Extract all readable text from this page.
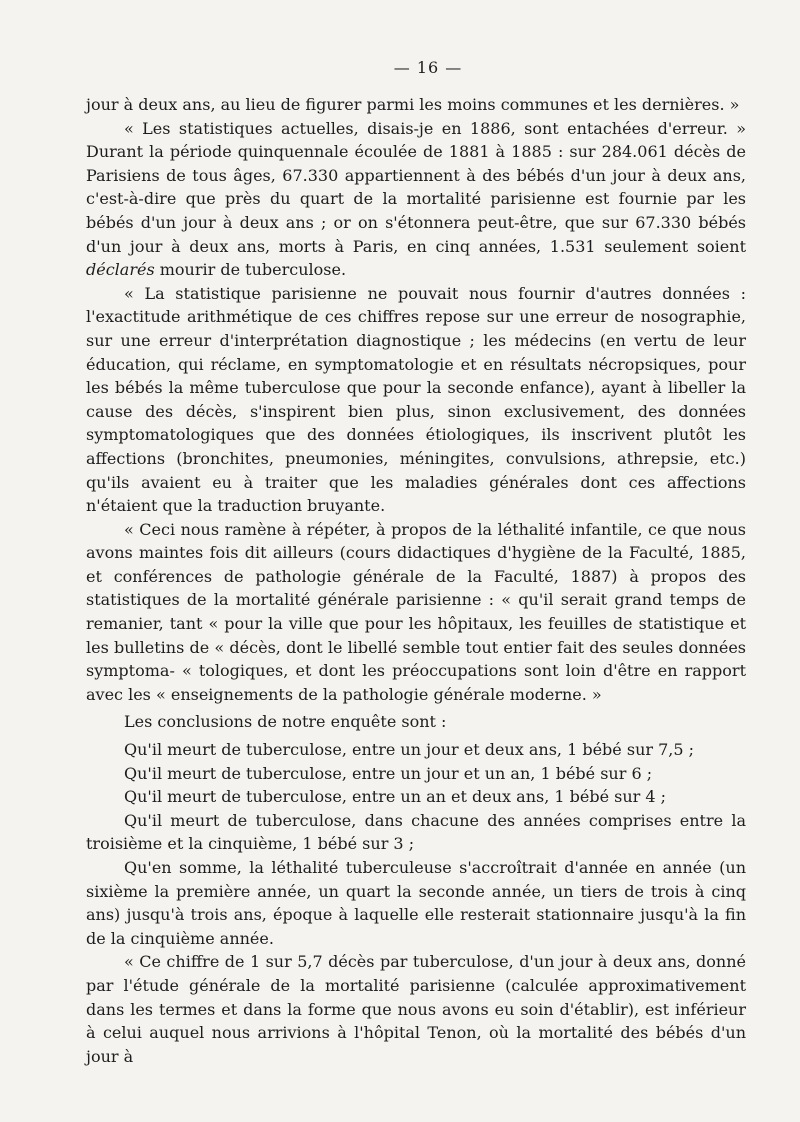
— 16 —

jour à deux ans, au lieu de figurer parmi les moins communes et les dernières. »

« Les statistiques actuelles, disais-je en 1886, sont entachées d'erreur. » Durant la période quinquennale écoulée de 1881 à 1885 : sur 284.061 décès de Parisiens de tous âges, 67.330 appartiennent à des bébés d'un jour à deux ans, c'est-à-dire que près du quart de la mortalité parisienne est fournie par les bébés d'un jour à deux ans ; or on s'étonnera peut-être, que sur 67.330 bébés d'un jour à deux ans, morts à Paris, en cinq années, 1.531 seulement soient déclarés mourir de tuberculose.

« La statistique parisienne ne pouvait nous fournir d'autres données : l'exactitude arithmétique de ces chiffres repose sur une erreur de nosographie, sur une erreur d'interprétation diagnostique ; les médecins (en vertu de leur éducation, qui réclame, en symptomatologie et en résultats nécropsiques, pour les bébés la même tuberculose que pour la seconde enfance), ayant à libeller la cause des décès, s'inspirent bien plus, sinon exclusivement, des données symptomatologiques que des données étiologiques, ils inscrivent plutôt les affections (bronchites, pneumonies, méningites, convulsions, athrepsie, etc.) qu'ils avaient eu à traiter que les maladies générales dont ces affections n'étaient que la traduction bruyante.

« Ceci nous ramène à répéter, à propos de la léthalité infantile, ce que nous avons maintes fois dit ailleurs (cours didactiques d'hygiène de la Faculté, 1885, et conférences de pathologie générale de la Faculté, 1887) à propos des statistiques de la mortalité générale parisienne : « qu'il serait grand temps de remanier, tant « pour la ville que pour les hôpitaux, les feuilles de statistique et les bulletins de « décès, dont le libellé semble tout entier fait des seules données symptoma- « tologiques, et dont les préoccupations sont loin d'être en rapport avec les « enseignements de la pathologie générale moderne. »

Les conclusions de notre enquête sont :

Qu'il meurt de tuberculose, entre un jour et deux ans, 1 bébé sur 7,5 ;

Qu'il meurt de tuberculose, entre un jour et un an, 1 bébé sur 6 ;

Qu'il meurt de tuberculose, entre un an et deux ans, 1 bébé sur 4 ;

Qu'il meurt de tuberculose, dans chacune des années comprises entre la troisième et la cinquième, 1 bébé sur 3 ;

Qu'en somme, la léthalité tuberculeuse s'accroîtrait d'année en année (un sixième la première année, un quart la seconde année, un tiers de trois à cinq ans) jusqu'à trois ans, époque à laquelle elle resterait stationnaire jusqu'à la fin de la cinquième année.

« Ce chiffre de 1 sur 5,7 décès par tuberculose, d'un jour à deux ans, donné par l'étude générale de la mortalité parisienne (calculée approximativement dans les termes et dans la forme que nous avons eu soin d'établir), est inférieur à celui auquel nous arrivions à l'hôpital Tenon, où la mortalité des bébés d'un jour à
